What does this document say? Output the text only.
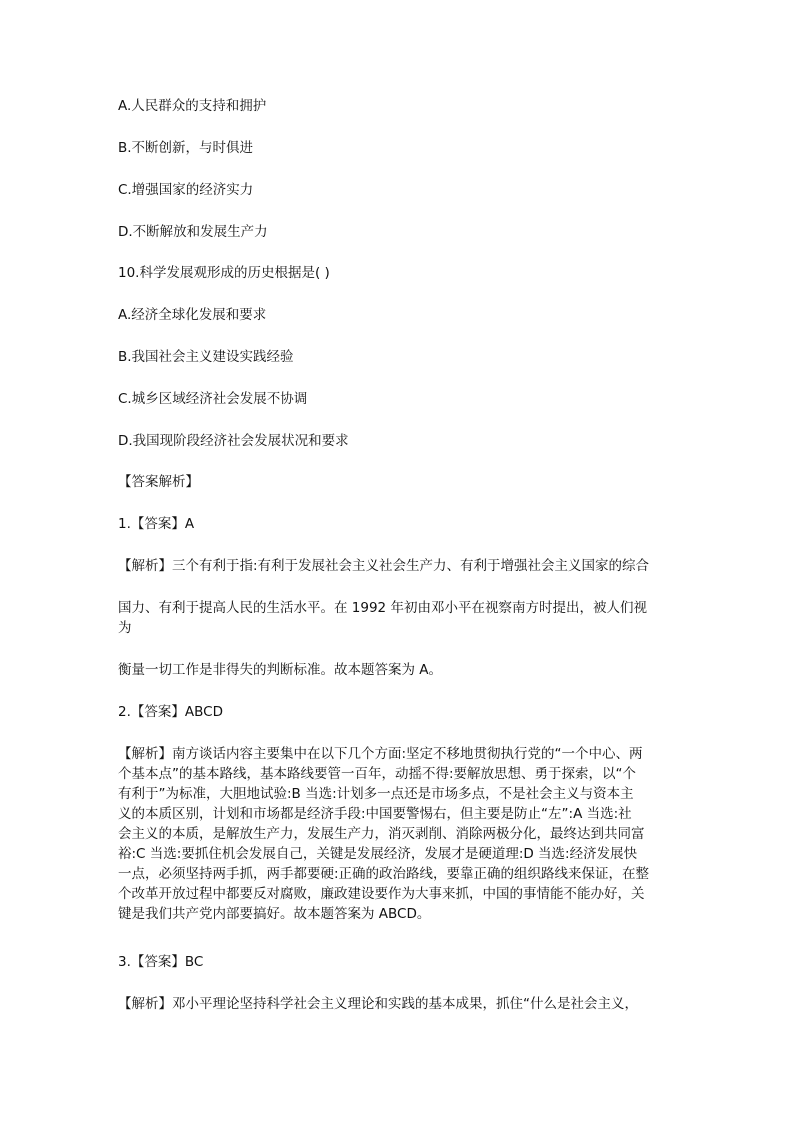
A.人民群众的支持和拥护
B.不断创新，与时俱进
C.增强国家的经济实力
D.不断解放和发展生产力
10.科学发展观形成的历史根据是( )
A.经济全球化发展和要求
B.我国社会主义建设实践经验
C.城乡区域经济社会发展不协调
D.我国现阶段经济社会发展状况和要求
【答案解析】
1.【答案】A
【解析】三个有利于指:有利于发展社会主义社会生产力、有利于增强社会主义国家的综合
国力、有利于提高人民的生活水平。在 1992 年初由邓小平在视察南方时提出，被人们视
为
衡量一切工作是非得失的判断标准。故本题答案为 A。
2.【答案】ABCD
【解析】南方谈话内容主要集中在以下几个方面:坚定不移地贯彻执行党的“一个中心、两
个基本点”的基本路线，基本路线要管一百年，动摇不得:要解放思想、勇于探索，以“个
有利于”为标准，大胆地试验:B 当选:计划多一点还是市场多点，不是社会主义与资本主
义的本质区别，计划和市场都是经济手段:中国要警惕右，但主要是防止“左”:A 当选:社
会主义的本质，是解放生产力，发展生产力，消灭剥削、消除两极分化，最终达到共同富
裕:C 当选:要抓住机会发展自己，关键是发展经济，发展才是硬道理:D 当选:经济发展快
一点，必须坚持两手抓，两手都要硬:正确的政治路线，要靠正确的组织路线来保证，在整
个改革开放过程中都要反对腐败，廉政建设要作为大事来抓，中国的事情能不能办好，关
键是我们共产党内部要搞好。故本题答案为 ABCD。
3.【答案】BC
【解析】邓小平理论坚持科学社会主义理论和实践的基本成果，抓住“什么是社会主义，
